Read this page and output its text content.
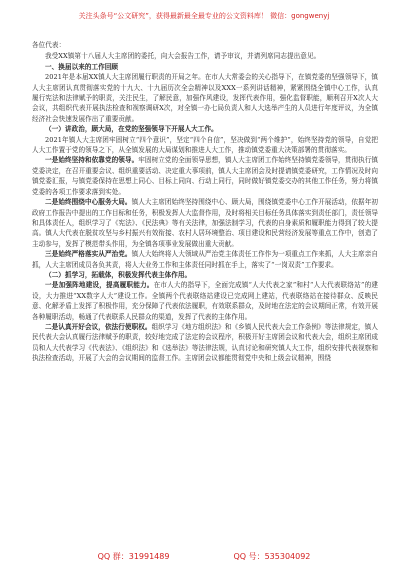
关注头条号“公文研究”，获得最新最全最专业的公文资料库！ 微信：gongwenyj

各位代表：

我受XX镇第十八届人大主席团的委托，向大会报告工作，请予审议，并请列席同志提出意见。

一、换届以来的工作回顾

2021年是本届XX镇人大主席团履行职责的开局之年。在市人大常委会的关心指导下，在镇党委的坚强领导下，镇人大主席团认真贯彻落实党的十九大、十九届历次全会精神以及XXX一系列讲话精神，紧紧围绕全镇中心工作，认真履行宪法和法律赋予的职责，关注民生，了解民意，加强作风建设，发挥代表作用，强化监督职能，顺利召开X次人大会议，共组织代表开展执法检查和视察调研X次，对全镇一办七局负责人和人大选举产生的人员进行年度评议，为全镇经济社会快速发展作出了重要贡献。

（一）讲政治，顾大局，在党的坚强领导下开展人大工作。

2021年镇人大主席团牢固树立“四个意识”，坚定“四个自信”，坚决做到“两个维护”，始终坚持党的领导，自觉把人大工作置于党的领导之下，从全镇发展的大局谋划和推进人大工作，推动镇党委重大决策部署的贯彻落实。

一是始终坚持和依靠党的领导。牢固树立党的全面领导思想，镇人大主席团工作始终坚持镇党委领导，贯彻执行镇党委决定，在召开重要会议、组织重要活动、决定重大事项前，镇人大主席团会及时提请镇党委研究，工作情况及时向镇党委汇报，与镇党委保持在思想上同心、目标上同向、行动上同行，同时做好镇党委交办的其他工作任务，努力将镇党委的各项工作要求落到实处。

二是始终围绕中心服务大局。镇人大主席团始终坚持围绕中心、顾大局，围绕镇党委中心工作开展活动，依据年初政府工作报告中提出的工作目标和任务，积极发挥人大监督作用，及时将相关目标任务具体落实到责任部门，责任领导和具体责任人，组织学习了《宪法》、《民法典》等有关法律，加强法制学习，代表的自身素质和履职能力得到了较大提高。镇人大代表在脱贫攻坚与乡村振兴有效衔接、农村人居环境整治、项目建设和民营经济发展等重点工作中，创造了主动参与，发挥了模范带头作用，为全镇各项事业发展做出重大贡献。

三是始终严格落实从严治党。镇人大始终将人大领域从严治党主体责任工作作为一项重点工作来抓，人大主席亲自抓，人大主席团成员各负其责，将人大业务工作和主体责任同时抓在手上，落实了“一岗双责”工作要求。

（二）抓学习，拓载体，积极发挥代表主体作用。

一是加强阵地建设，提高履职能力。在市人大的指导下，全面完成镇“人大代表之家”和村“人大代表联络站”的建设，大力推进“XX数字人大”建设工作。全镇两个代表联络站建设已完成网上建站，代表联络站在接待群众、反映民意、化解矛盾上发挥了积极作用，充分保障了代表依法履职，有效联系群众，及时地在法定的会议期间正常，有效开展各种履职活动，畅通了代表联系人民群众的渠道，发挥了代表的主体作用。

二是认真开好会议，依法行使职权。组织学习《地方组织法》和《乡镇人民代表大会工作条例》等法律规定，镇人民代表大会认真履行法律赋予的职责，较好地完成了法定的会议程序，积极开好主席团会议和代表大会，组织主席团成员和人大代表学习《代表法》、《组织法》和《选举法》等法律法规，认真讨论和研究镇人大工作，组织安排代表视察和执法检查活动，开展了大会的会议期间的监督工作。主席团会议都能贯彻党中央和上级会议精神，围绕

QQ 群：31991489	QQ 号：535304092
